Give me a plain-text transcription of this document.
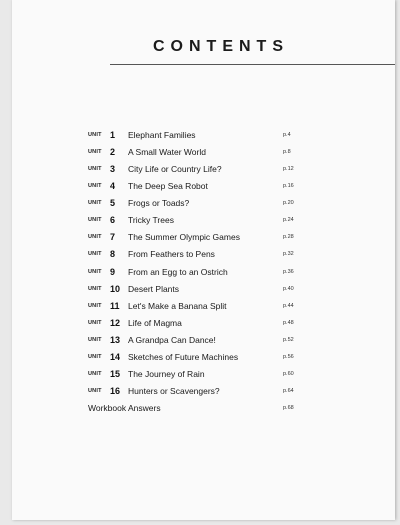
CONTENTS
UNIT 1	Elephant Families	p.4
UNIT 2	A Small Water World	p.8
UNIT 3	City Life or Country Life?	p.12
UNIT 4	The Deep Sea Robot	p.16
UNIT 5	Frogs or Toads?	p.20
UNIT 6	Tricky Trees	p.24
UNIT 7	The Summer Olympic Games	p.28
UNIT 8	From Feathers to Pens	p.32
UNIT 9	From an Egg to an Ostrich	p.36
UNIT 10 Desert Plants	p.40
UNIT 11 Let's Make a Banana Split	p.44
UNIT 12 Life of Magma	p.48
UNIT 13 A Grandpa Can Dance!	p.52
UNIT 14 Sketches of Future Machines	p.56
UNIT 15 The Journey of Rain	p.60
UNIT 16 Hunters or Scavengers?	p.64
Workbook Answers	p.68
